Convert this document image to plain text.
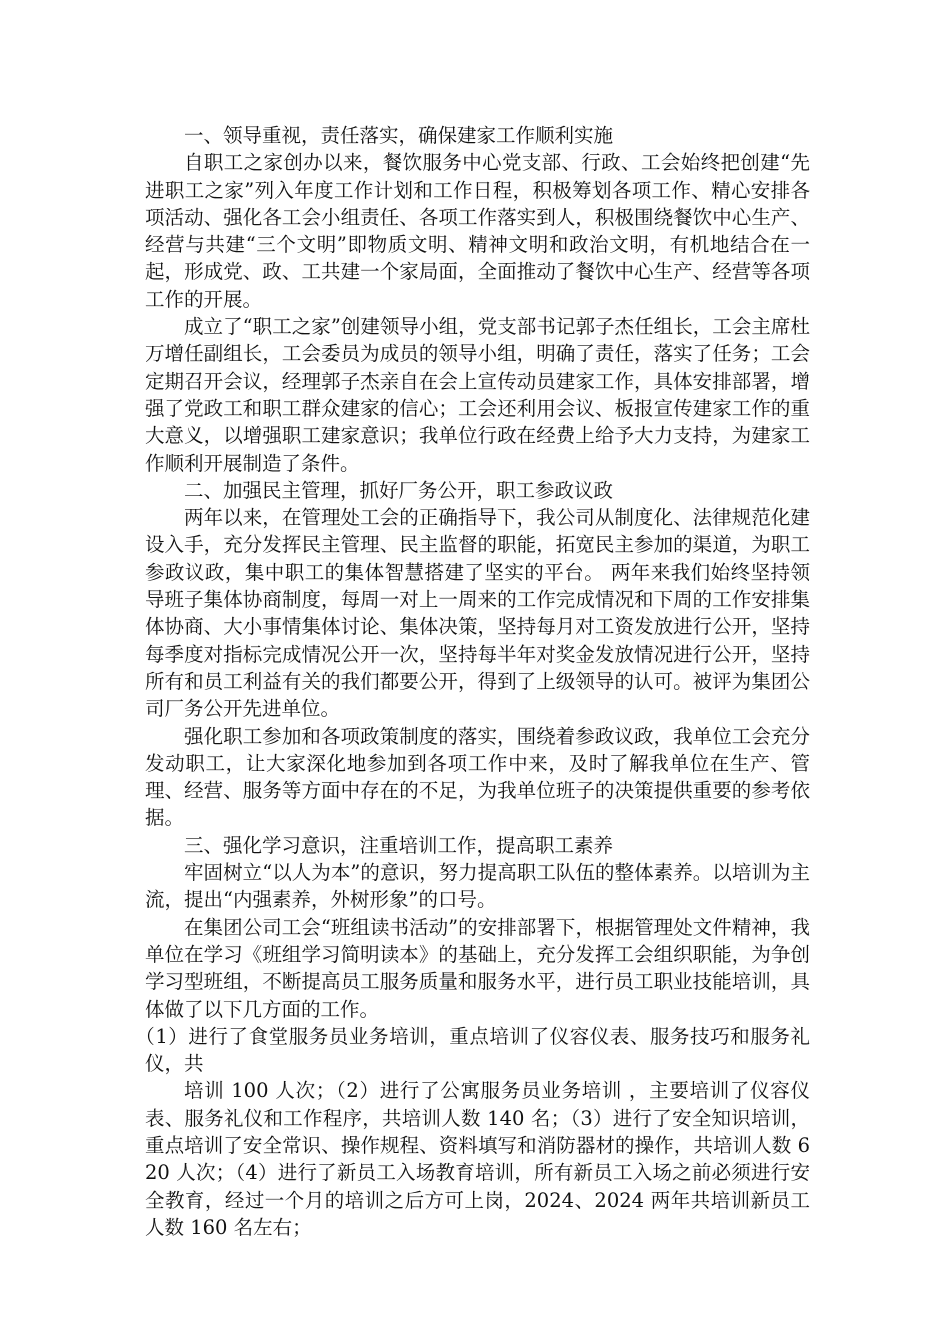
一、领导重视，责任落实，确保建家工作顺利实施

自职工之家创办以来，餐饮服务中心党支部、行政、工会始终把创建“先进职工之家”列入年度工作计划和工作日程，积极筹划各项工作、精心安排各项活动、强化各工会小组责任、各项工作落实到人，积极围绕餐饮中心生产、经营与共建“三个文明”即物质文明、精神文明和政治文明，有机地结合在一起，形成党、政、工共建一个家局面，全面推动了餐饮中心生产、经营等各项工作的开展。

成立了“职工之家”创建领导小组，党支部书记郭子杰任组长，工会主席杜万增任副组长，工会委员为成员的领导小组，明确了责任，落实了任务；工会定期召开会议，经理郭子杰亲自在会上宣传动员建家工作，具体安排部署，增强了党政工和职工群众建家的信心；工会还利用会议、板报宣传建家工作的重大意义，以增强职工建家意识；我单位行政在经费上给予大力支持，为建家工作顺利开展制造了条件。

二、加强民主管理，抓好厂务公开，职工参政议政

两年以来，在管理处工会的正确指导下，我公司从制度化、法律规范化建设入手，充分发挥民主管理、民主监督的职能，拓宽民主参加的渠道，为职工参政议政，集中职工的集体智慧搭建了坚实的平台。 两年来我们始终坚持领导班子集体协商制度，每周一对上一周来的工作完成情况和下周的工作安排集体协商、大小事情集体讨论、集体决策，坚持每月对工资发放进行公开，坚持每季度对指标完成情况公开一次，坚持每半年对奖金发放情况进行公开，坚持所有和员工利益有关的我们都要公开，得到了上级领导的认可。被评为集团公司厂务公开先进单位。

强化职工参加和各项政策制度的落实，围绕着参政议政，我单位工会充分发动职工，让大家深化地参加到各项工作中来，及时了解我单位在生产、管理、经营、服务等方面中存在的不足，为我单位班子的决策提供重要的参考依据。

三、强化学习意识，注重培训工作，提高职工素养

牢固树立“以人为本”的意识，努力提高职工队伍的整体素养。以培训为主流，提出“内强素养，外树形象”的口号。

在集团公司工会“班组读书活动”的安排部署下，根据管理处文件精神，我单位在学习《班组学习简明读本》的基础上，充分发挥工会组织职能，为争创学习型班组，不断提高员工服务质量和服务水平，进行员工职业技能培训，具体做了以下几方面的工作。

（1）进行了食堂服务员业务培训，重点培训了仪容仪表、服务技巧和服务礼仪，共

培训 100 人次；（2）进行了公寓服务员业务培训 ，主要培训了仪容仪表、服务礼仪和工作程序，共培训人数 140 名；（3）进行了安全知识培训，重点培训了安全常识、操作规程、资料填写和消防器材的操作，共培训人数 620 人次；（4）进行了新员工入场教育培训，所有新员工入场之前必须进行安全教育，经过一个月的培训之后方可上岗，2024、2024 两年共培训新员工人数 160 名左右；
